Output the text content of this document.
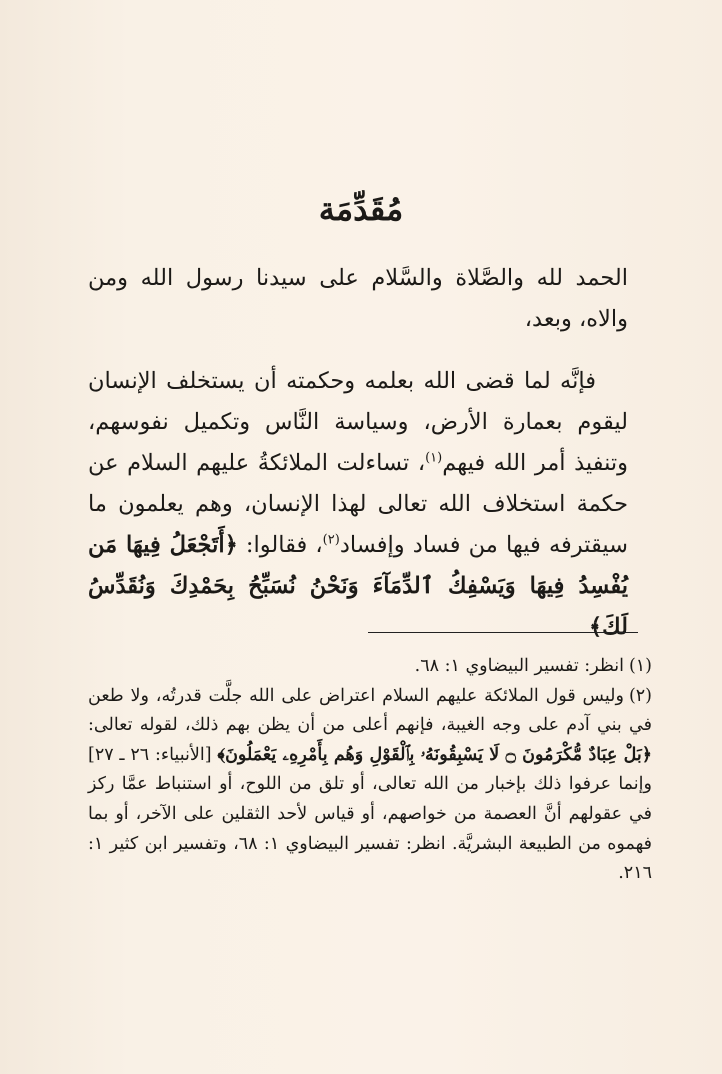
مُقَدِّمَة

الحمد لله والصَّلاة والسَّلام على سيدنا رسول الله ومن والاه، وبعد،

فإنَّه لما قضى الله بعلمه وحكمته أن يستخلف الإنسان ليقوم بعمارة الأرض، وسياسة النَّاس وتكميل نفوسهم، وتنفيذ أمر الله فيهم$^{(١)}$، تساءلت الملائكةُ عليهم السلام عن حكمة استخلاف الله تعالى لهذا الإنسان، وهم يعلمون ما سيقترفه فيها من فساد وإفساد$^{(٢)}$، فقالوا: ﴿أَتَجْعَلُ فِيهَا مَن يُفْسِدُ فِيهَا وَيَسْفِكُ ٱلدِّمَآءَ وَنَحْنُ نُسَبِّحُ بِحَمْدِكَ وَنُقَدِّسُ لَكَ﴾

(١)انظر: تفسير البيضاوي ١: ٦٨.

(٢)وليس قول الملائكة عليهم السلام اعتراض على الله جلَّت قدرتُه، ولا طعن في بني آدم على وجه الغيبة، فإنهم أعلى من أن يظن بهم ذلك، لقوله تعالى: ﴿بَلْ عِبَادٌ مُّكْرَمُونَ ۝ لَا يَسْبِقُونَهُۥ بِٱلْقَوْلِ وَهُم بِأَمْرِهِۦ يَعْمَلُونَ﴾ [الأنبياء: ٢٦ ـ ٢٧] وإنما عرفوا ذلك بإخبار من الله تعالى، أو تلق من اللوح، أو استنباط عمَّا ركز في عقولهم أنَّ العصمة من خواصهم، أو قياس لأحد الثقلين على الآخر، أو بما فهموه من الطبيعة البشريَّة. انظر: تفسير البيضاوي ١: ٦٨، وتفسير ابن كثير ١: ٢١٦.
